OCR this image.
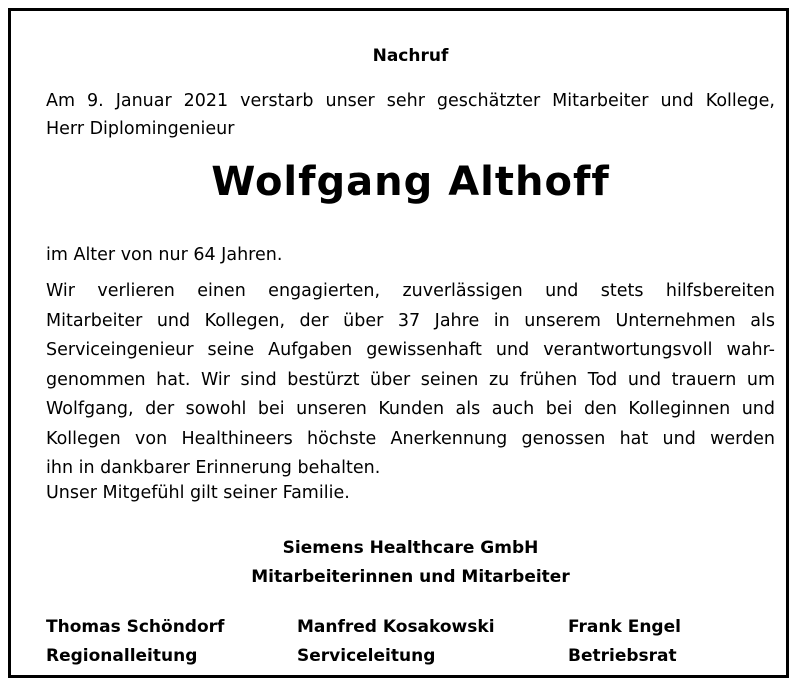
Nachruf
Am 9. Januar 2021 verstarb unser sehr geschätzter Mitarbeiter und Kollege,
Herr Diplomingenieur
Wolfgang Althoff
im Alter von nur 64 Jahren.
Wir verlieren einen engagierten, zuverlässigen und stets hilfsbereiten
Mitarbeiter und Kollegen, der über 37 Jahre in unserem Unternehmen als
Serviceingenieur seine Aufgaben gewissenhaft und verantwortungsvoll wahr-
genommen hat. Wir sind bestürzt über seinen zu frühen Tod und trauern um
Wolfgang, der sowohl bei unseren Kunden als auch bei den Kolleginnen und
Kollegen von Healthineers höchste Anerkennung genossen hat und werden
ihn in dankbarer Erinnerung behalten.
Unser Mitgefühl gilt seiner Familie.
Siemens Healthcare GmbH
Mitarbeiterinnen und Mitarbeiter
Thomas Schöndorf
Regionalleitung
Manfred Kosakowski
Serviceleitung
Frank Engel
Betriebsrat
